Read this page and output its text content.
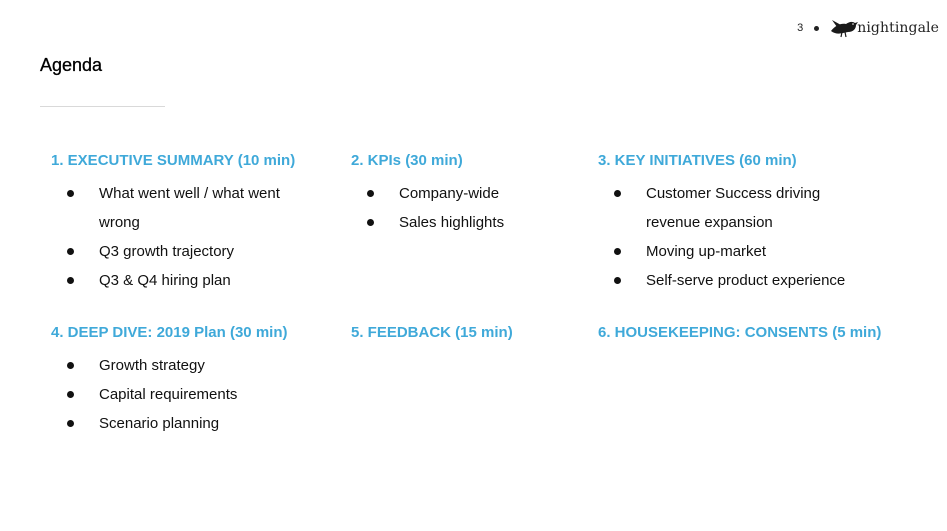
3	nightingale
Agenda
1. EXECUTIVE SUMMARY (10 min)
What went well / what went wrong
Q3 growth trajectory
Q3 & Q4 hiring plan
2. KPIs (30 min)
Company-wide
Sales highlights
3. KEY INITIATIVES (60 min)
Customer Success driving revenue expansion
Moving up-market
Self-serve product experience
4. DEEP DIVE: 2019 Plan (30 min)
Growth strategy
Capital requirements
Scenario planning
5. FEEDBACK (15 min)	6. HOUSEKEEPING: CONSENTS (5 min)
